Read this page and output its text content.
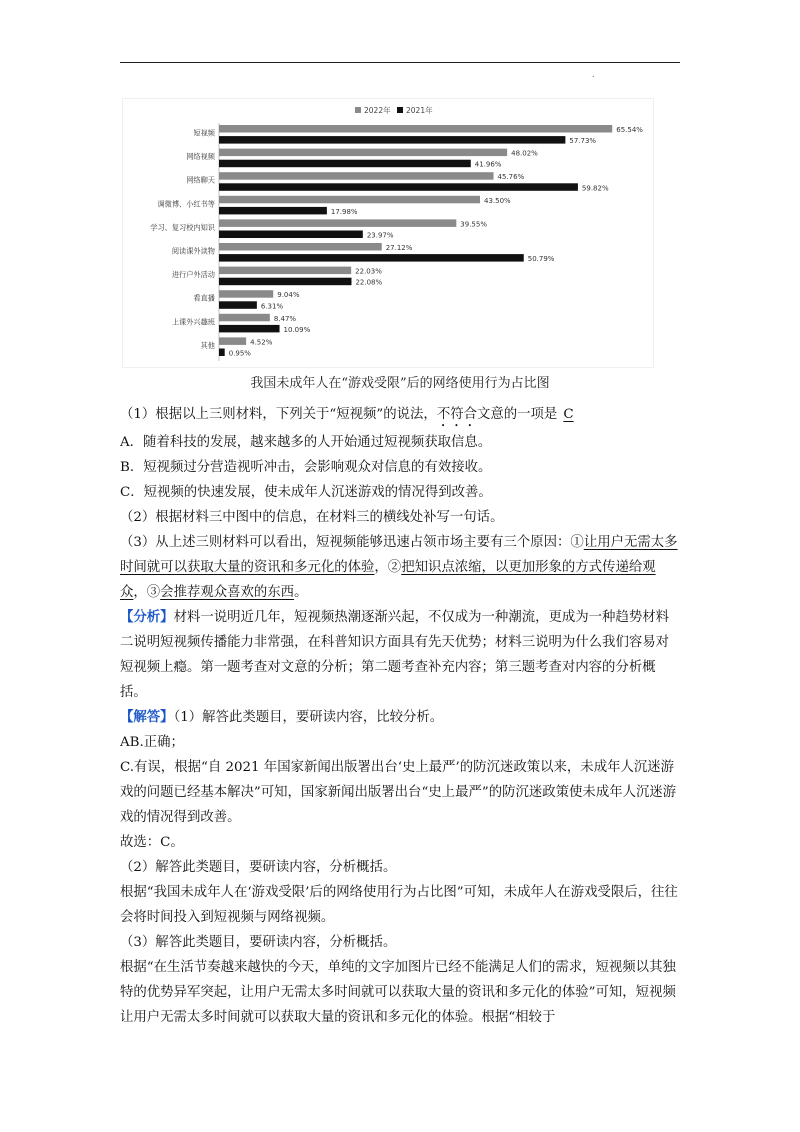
.
2022年 2021年
短视频	65.54%
57.73%
网络视频	48.02%
41.96%
网络聊天	45.76%
59.82%
调微博、小红书等	43.50%
17.98%
学习、复习校内知识	39.55%
23.97%
阅读课外读物	27.12%
50.79%
进行户外活动	22.03%
22.08%
看直播	9.04%
6.31%
上课外兴趣班	8.47%
10.09%
其他	4.52%
0.95%
我国未成年人在“游戏受限”后的网络使用行为占比图

（1）根据以上三则材料，下列关于“短视频”的说法，不符合文意的一项是 C

A．随着科技的发展，越来越多的人开始通过短视频获取信息。

B．短视频过分营造视听冲击，会影响观众对信息的有效接收。

C．短视频的快速发展，使未成年人沉迷游戏的情况得到改善。

（2）根据材料三中图中的信息，在材料三的横线处补写一句话。

（3）从上述三则材料可以看出，短视频能够迅速占领市场主要有三个原因：①让用户无需太多时间就可以获取大量的资讯和多元化的体验，②把知识点浓缩，以更加形象的方式传递给观众，③会推荐观众喜欢的东西。

【分析】材料一说明近几年，短视频热潮逐渐兴起，不仅成为一种潮流，更成为一种趋势材料二说明短视频传播能力非常强，在科普知识方面具有先天优势；材料三说明为什么我们容易对短视频上瘾。第一题考查对文意的分析；第二题考查补充内容；第三题考查对内容的分析概括。

【解答】（1）解答此类题目，要研读内容，比较分析。

AB.正确；

C.有误，根据“自 2021 年国家新闻出版署出台‘史上最严’的防沉迷政策以来，未成年人沉迷游戏的问题已经基本解决”可知，国家新闻出版署出台“史上最严”的防沉迷政策使未成年人沉迷游戏的情况得到改善。

故选：C。

（2）解答此类题目，要研读内容，分析概括。

根据“我国未成年人在‘游戏受限’后的网络使用行为占比图”可知，未成年人在游戏受限后，往往会将时间投入到短视频与网络视频。

（3）解答此类题目，要研读内容，分析概括。

根据“在生活节奏越来越快的今天，单纯的文字加图片已经不能满足人们的需求，短视频以其独特的优势异军突起，让用户无需太多时间就可以获取大量的资讯和多元化的体验”可知，短视频让用户无需太多时间就可以获取大量的资讯和多元化的体验。根据“相较于
